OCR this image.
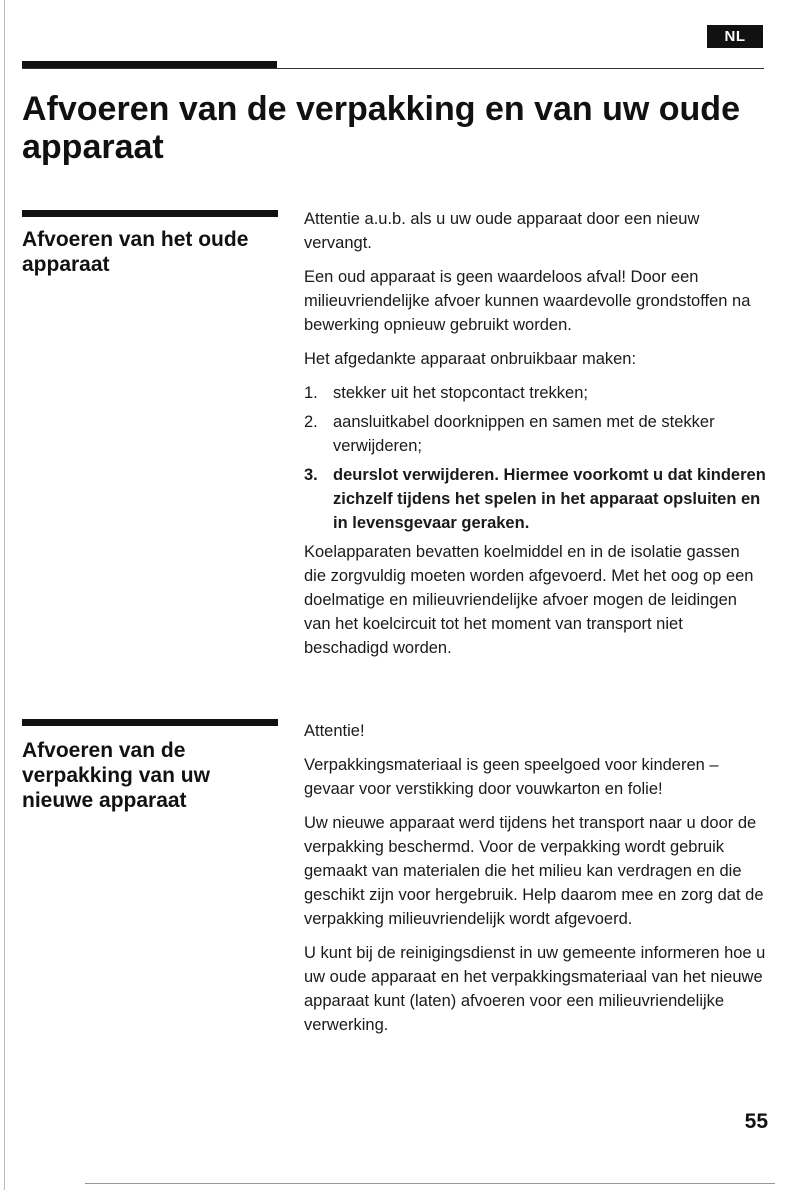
NL
Afvoeren van de verpakking en van uw oude apparaat
Afvoeren van het oude apparaat

Attentie a.u.b. als u uw oude apparaat door een nieuw vervangt.

Een oud apparaat is geen waardeloos afval! Door een milieuvriendelijke afvoer kunnen waardevolle grondstoffen na bewerking opnieuw gebruikt worden.

Het afgedankte apparaat onbruikbaar maken:

1. stekker uit het stopcontact trekken;
2. aansluitkabel doorknippen en samen met de stekker verwijderen;
3. deurslot verwijderen. Hiermee voorkomt u dat kinderen zichzelf tijdens het spelen in het apparaat opsluiten en in levensgevaar geraken.

Koelapparaten bevatten koelmiddel en in de isolatie gassen die zorgvuldig moeten worden afgevoerd. Met het oog op een doelmatige en milieuvriendelijke afvoer mogen de leidingen van het koelcircuit tot het moment van transport niet beschadigd worden.

Afvoeren van de verpakking van uw nieuwe apparaat

Attentie!

Verpakkingsmateriaal is geen speelgoed voor kinderen – gevaar voor verstikking door vouwkarton en folie!

Uw nieuwe apparaat werd tijdens het transport naar u door de verpakking beschermd. Voor de verpakking wordt gebruik gemaakt van materialen die het milieu kan verdragen en die geschikt zijn voor hergebruik. Help daarom mee en zorg dat de verpakking milieuvriendelijk wordt afgevoerd.

U kunt bij de reinigingsdienst in uw gemeente informeren hoe u uw oude apparaat en het verpakkingsmateriaal van het nieuwe apparaat kunt (laten) afvoeren voor een milieuvriendelijke verwerking.

55
